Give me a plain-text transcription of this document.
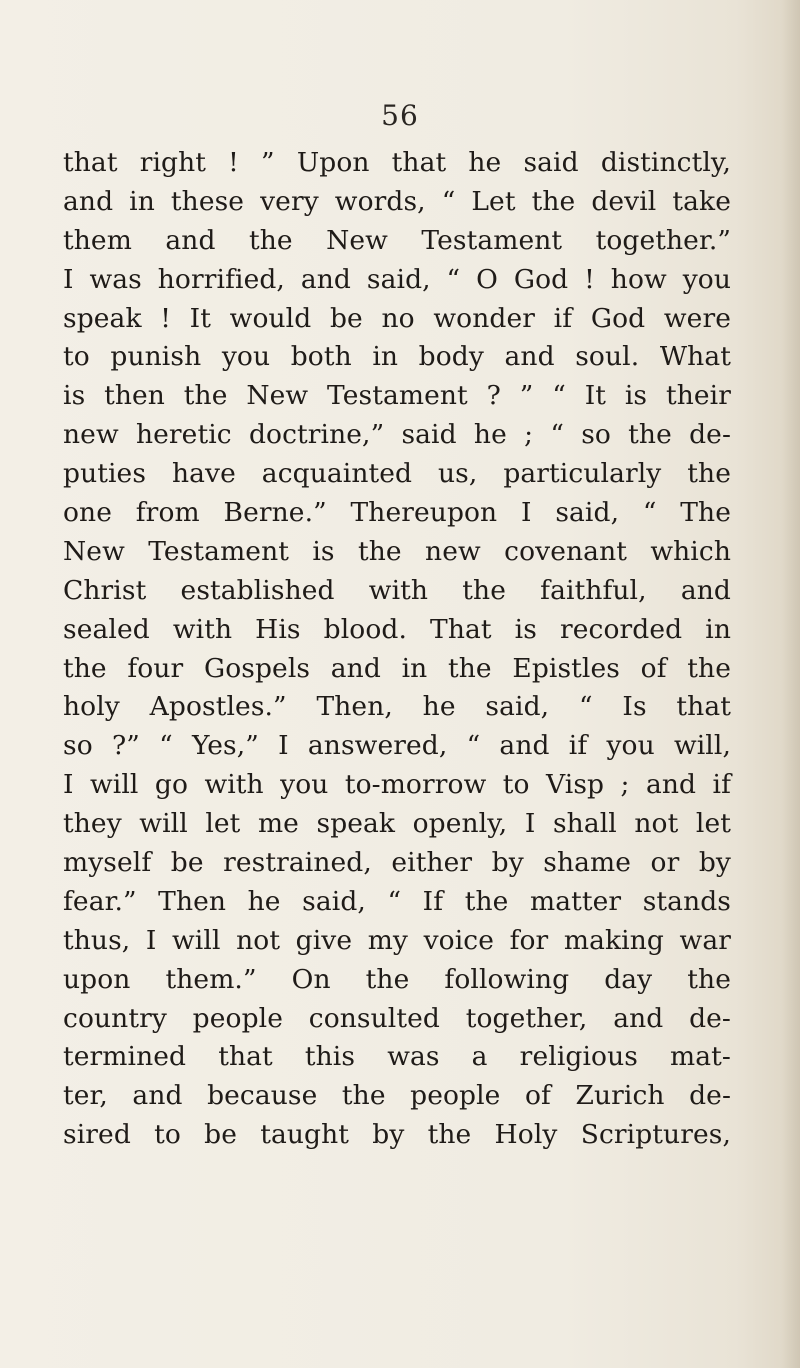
56
that right ! ” Upon that he said distinctly,
and in these very words, “ Let the devil take
them and the New Testament together.”
I was horrified, and said, “ O God ! how you
speak ! It would be no wonder if God were
to punish you both in body and soul. What
is then the New Testament ? ” “ It is their
new heretic doctrine,” said he ; “ so the de-
puties have acquainted us, particularly the
one from Berne.” Thereupon I said, “ The
New Testament is the new covenant which
Christ established with the faithful, and
sealed with His blood. That is recorded in
the four Gospels and in the Epistles of the
holy Apostles.” Then, he said, “ Is that
so ?” “ Yes,” I answered, “ and if you will,
I will go with you to-morrow to Visp ; and if
they will let me speak openly, I shall not let
myself be restrained, either by shame or by
fear.” Then he said, “ If the matter stands
thus, I will not give my voice for making war
upon them.” On the following day the
country people consulted together, and de-
termined that this was a religious mat-
ter, and because the people of Zurich de-
sired to be taught by the Holy Scriptures,
